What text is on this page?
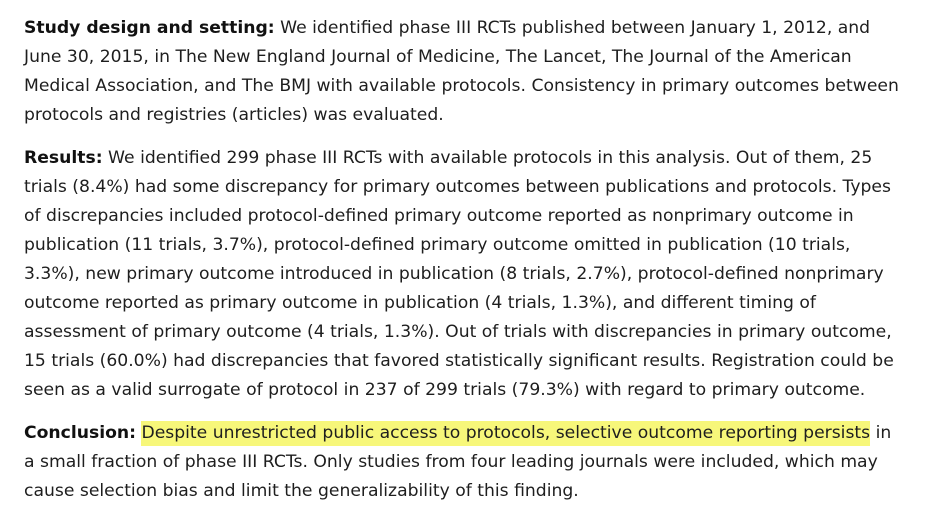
Study design and setting: We identified phase III RCTs published between January 1, 2012, and June 30, 2015, in The New England Journal of Medicine, The Lancet, The Journal of the American Medical Association, and The BMJ with available protocols. Consistency in primary outcomes between protocols and registries (articles) was evaluated.

Results: We identified 299 phase III RCTs with available protocols in this analysis. Out of them, 25 trials (8.4%) had some discrepancy for primary outcomes between publications and protocols. Types of discrepancies included protocol-defined primary outcome reported as nonprimary outcome in publication (11 trials, 3.7%), protocol-defined primary outcome omitted in publication (10 trials, 3.3%), new primary outcome introduced in publication (8 trials, 2.7%), protocol-defined nonprimary outcome reported as primary outcome in publication (4 trials, 1.3%), and different timing of assessment of primary outcome (4 trials, 1.3%). Out of trials with discrepancies in primary outcome, 15 trials (60.0%) had discrepancies that favored statistically significant results. Registration could be seen as a valid surrogate of protocol in 237 of 299 trials (79.3%) with regard to primary outcome.

Conclusion: Despite unrestricted public access to protocols, selective outcome reporting persists in a small fraction of phase III RCTs. Only studies from four leading journals were included, which may cause selection bias and limit the generalizability of this finding.
